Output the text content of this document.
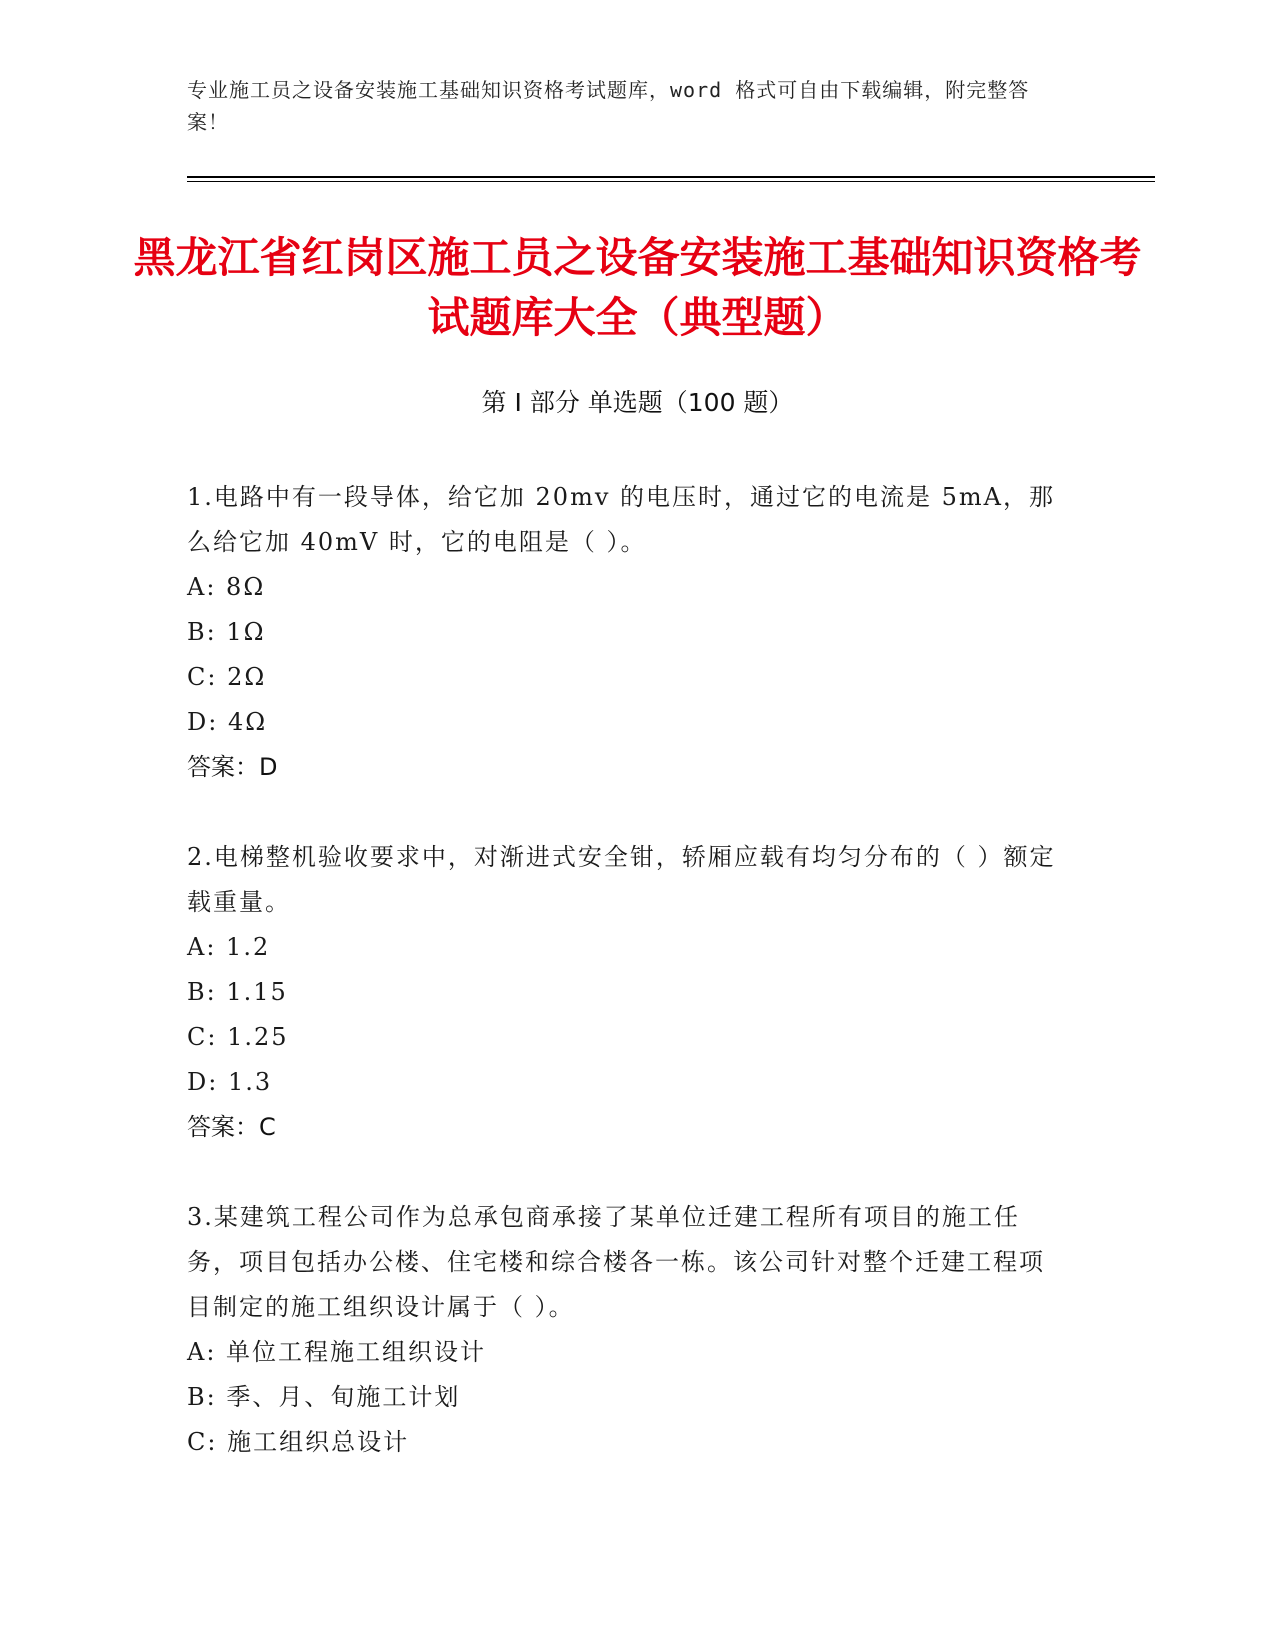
专业施工员之设备安装施工基础知识资格考试题库，word 格式可自由下载编辑，附完整答案！
黑龙江省红岗区施工员之设备安装施工基础知识资格考试题库大全（典型题）
第 I 部分 单选题（100 题）
1.电路中有一段导体，给它加 20mv 的电压时，通过它的电流是 5mA，那么给它加 40mV 时，它的电阻是（ ）。
A: 8Ω
B: 1Ω
C: 2Ω
D: 4Ω
答案：D
2.电梯整机验收要求中，对渐进式安全钳，轿厢应载有均匀分布的（ ）额定载重量。
A: 1.2
B: 1.15
C: 1.25
D: 1.3
答案：C
3.某建筑工程公司作为总承包商承接了某单位迁建工程所有项目的施工任务，项目包括办公楼、住宅楼和综合楼各一栋。该公司针对整个迁建工程项目制定的施工组织设计属于（ ）。
A: 单位工程施工组织设计
B: 季、月、旬施工计划
C: 施工组织总设计
